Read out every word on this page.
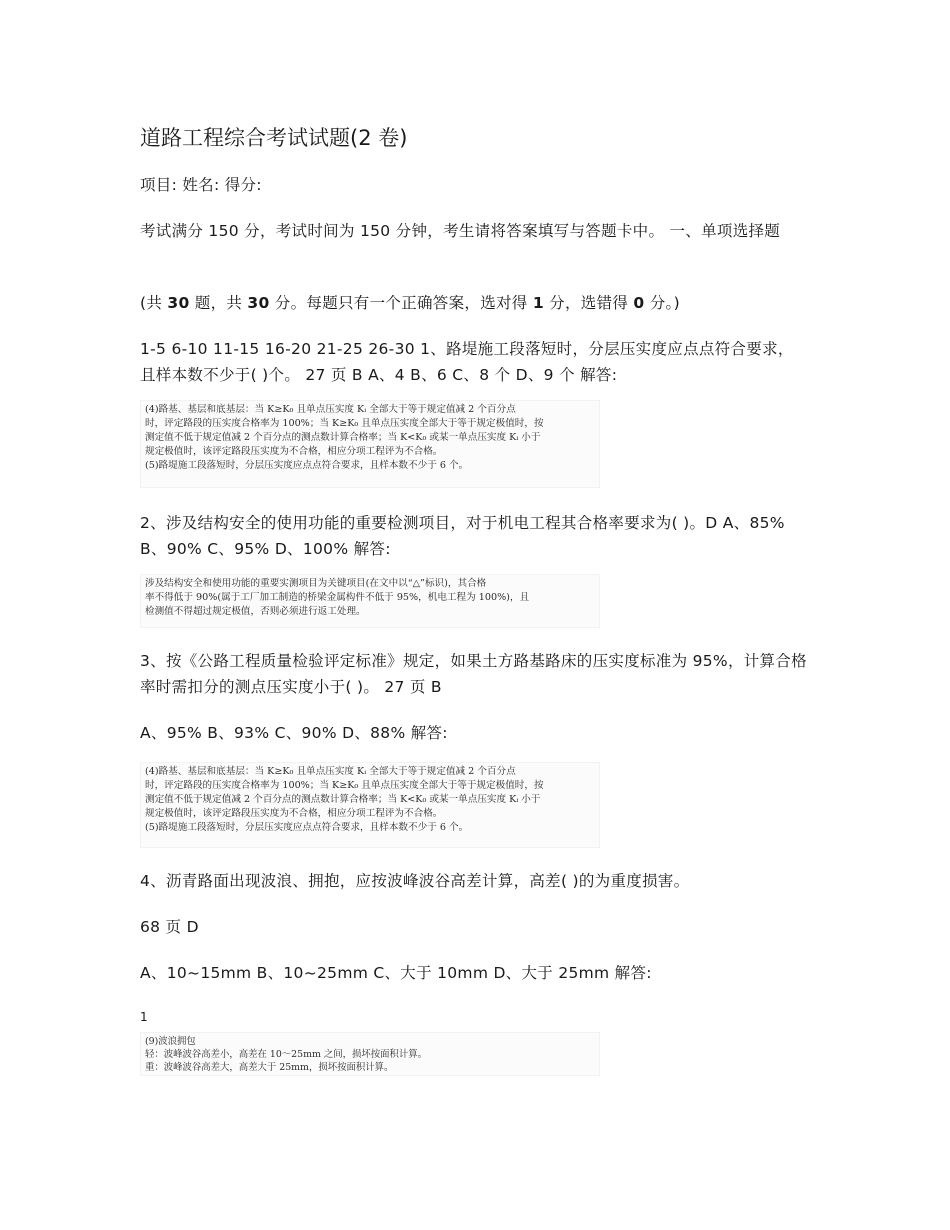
道路工程综合考试试题(2 卷)

项目: 姓名: 得分:

考试满分 150 分，考试时间为 150 分钟，考生请将答案填写与答题卡中。 一、单项选择题

(共 30 题，共 30 分。每题只有一个正确答案，选对得 1 分，选错得 0 分。)

1-5 6-10 11-15 16-20 21-25 26-30 1、路堤施工段落短时，分层压实度应点点符合要求，且样本数不少于( )个。 27 页 B A、4 B、6 C、8 个 D、9 个 解答:

(4)路基、基层和底基层：当 K≥K₀ 且单点压实度 Kᵢ 全部大于等于规定值减 2 个百分点
时，评定路段的压实度合格率为 100%；当 K≥K₀ 且单点压实度全部大于等于规定极值时，按
测定值不低于规定值减 2 个百分点的测点数计算合格率；当 K<K₀ 或某一单点压实度 Kᵢ 小于
规定极值时，该评定路段压实度为不合格，相应分项工程评为不合格。
(5)路堤施工段落短时，分层压实度应点点符合要求，且样本数不少于 6 个。

2、涉及结构安全的使用功能的重要检测项目，对于机电工程其合格率要求为( )。D A、85% B、90% C、95% D、100% 解答:

涉及结构安全和使用功能的重要实测项目为关键项目(在文中以“△”标识)，其合格
率不得低于 90%(属于工厂加工制造的桥梁金属构件不低于 95%，机电工程为 100%)，且
检测值不得超过规定极值，否则必须进行返工处理。

3、按《公路工程质量检验评定标准》规定，如果土方路基路床的压实度标准为 95%，计算合格率时需扣分的测点压实度小于( )。 27 页 B

A、95% B、93% C、90% D、88% 解答:

(4)路基、基层和底基层：当 K≥K₀ 且单点压实度 Kᵢ 全部大于等于规定值减 2 个百分点
时，评定路段的压实度合格率为 100%；当 K≥K₀ 且单点压实度全部大于等于规定极值时，按
测定值不低于规定值减 2 个百分点的测点数计算合格率；当 K<K₀ 或某一单点压实度 Kᵢ 小于
规定极值时，该评定路段压实度为不合格，相应分项工程评为不合格。
(5)路堤施工段落短时，分层压实度应点点符合要求，且样本数不少于 6 个。

4、沥青路面出现波浪、拥抱，应按波峰波谷高差计算，高差( )的为重度损害。

68 页 D

A、10~15mm B、10~25mm C、大于 10mm D、大于 25mm 解答:

1
(9)波浪拥包
轻：波峰波谷高差小，高差在 10～25mm 之间，损坏按面积计算。
重：波峰波谷高差大，高差大于 25mm，损坏按面积计算。
